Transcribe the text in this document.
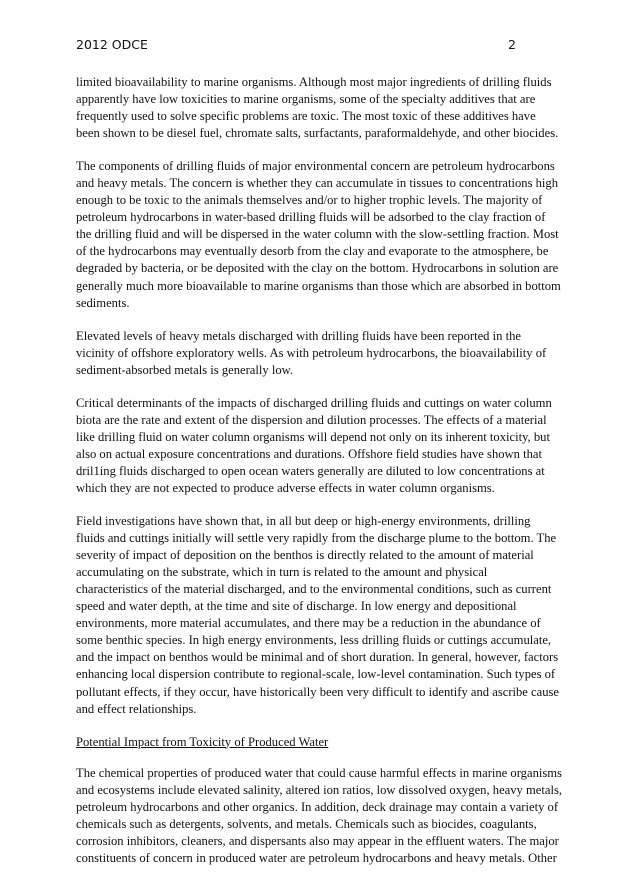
2012 ODCE	2

limited bioavailability to marine organisms. Although most major ingredients of drilling fluids apparently have low toxicities to marine organisms, some of the specialty additives that are frequently used to solve specific problems are toxic. The most toxic of these additives have been shown to be diesel fuel, chromate salts, surfactants, paraformaldehyde, and other biocides.

The components of drilling fluids of major environmental concern are petroleum hydrocarbons and heavy metals. The concern is whether they can accumulate in tissues to concentrations high enough to be toxic to the animals themselves and/or to higher trophic levels. The majority of petroleum hydrocarbons in water-based drilling fluids will be adsorbed to the clay fraction of the drilling fluid and will be dispersed in the water column with the slow-settling fraction. Most of the hydrocarbons may eventually desorb from the clay and evaporate to the atmosphere, be degraded by bacteria, or be deposited with the clay on the bottom. Hydrocarbons in solution are generally much more bioavailable to marine organisms than those which are absorbed in bottom sediments.

Elevated levels of heavy metals discharged with drilling fluids have been reported in the vicinity of offshore exploratory wells. As with petroleum hydrocarbons, the bioavailability of sediment-absorbed metals is generally low.

Critical determinants of the impacts of discharged drilling fluids and cuttings on water column biota are the rate and extent of the dispersion and dilution processes. The effects of a material like drilling fluid on water column organisms will depend not only on its inherent toxicity, but also on actual exposure concentrations and durations. Offshore field studies have shown that dril1ing fluids discharged to open ocean waters generally are diluted to low concentrations at which they are not expected to produce adverse effects in water column organisms.

Field investigations have shown that, in all but deep or high-energy environments, drilling fluids and cuttings initially will settle very rapidly from the discharge plume to the bottom. The severity of impact of deposition on the benthos is directly related to the amount of material accumulating on the substrate, which in turn is related to the amount and physical characteristics of the material discharged, and to the environmental conditions, such as current speed and water depth, at the time and site of discharge. In low energy and depositional environments, more material accumulates, and there may be a reduction in the abundance of some benthic species. In high energy environments, less drilling fluids or cuttings accumulate, and the impact on benthos would be minimal and of short duration. In general, however, factors enhancing local dispersion contribute to regional-scale, low-level contamination. Such types of pollutant effects, if they occur, have historically been very difficult to identify and ascribe cause and effect relationships.

Potential Impact from Toxicity of Produced Water

The chemical properties of produced water that could cause harmful effects in marine organisms and ecosystems include elevated salinity, altered ion ratios, low dissolved oxygen, heavy metals, petroleum hydrocarbons and other organics. In addition, deck drainage may contain a variety of chemicals such as detergents, solvents, and metals. Chemicals such as biocides, coagulants, corrosion inhibitors, cleaners, and dispersants also may appear in the effluent waters. The major constituents of concern in produced water are petroleum hydrocarbons and heavy metals. Other
